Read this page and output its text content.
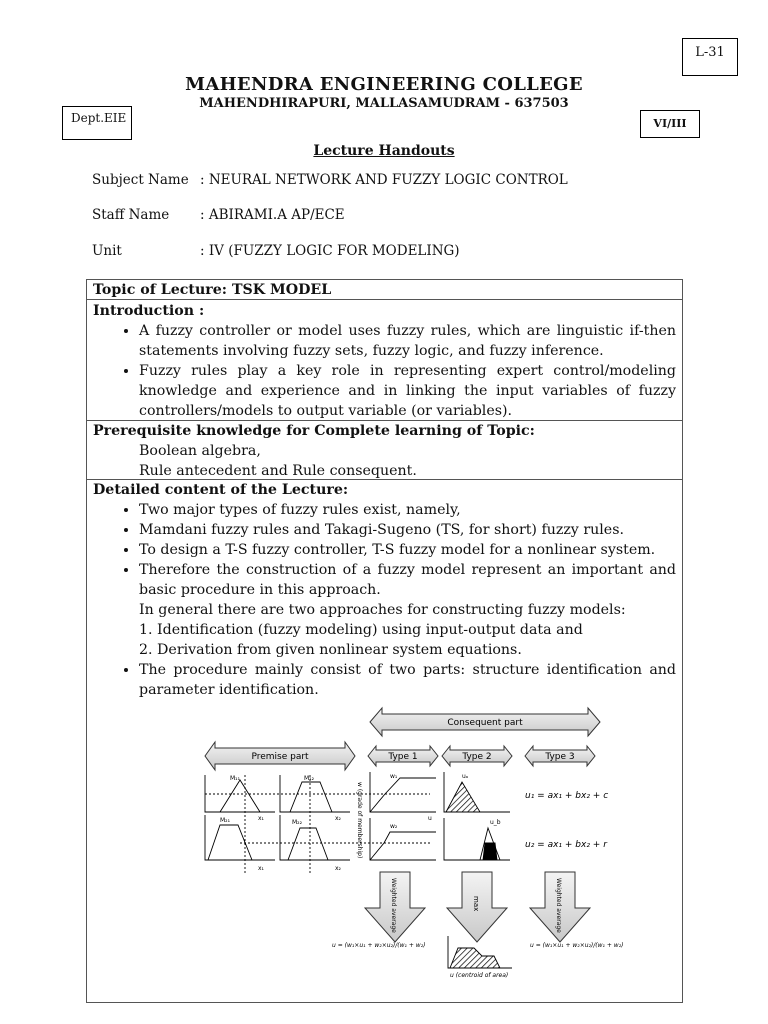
L-31
MAHENDRA ENGINEERING COLLEGE
MAHENDHIRAPURI, MALLASAMUDRAM - 637503
Dept.EIE	VI/III
Lecture Handouts
Subject Name : NEURAL NETWORK AND FUZZY LOGIC CONTROL
Staff Name : ABIRAMI.A AP/ECE
Unit	: IV (FUZZY LOGIC FOR MODELING)
Topic of Lecture: TSK MODEL
Introduction :
• A fuzzy controller or model uses fuzzy rules, which are linguistic if-then statements involving fuzzy sets, fuzzy logic, and fuzzy inference.
• Fuzzy rules play a key role in representing expert control/modeling knowledge and experience and in linking the input variables of fuzzy controllers/models to output variable (or variables).
Prerequisite knowledge for Complete learning of Topic:
Boolean algebra,
Rule antecedent and Rule consequent.
Detailed content of the Lecture:
• Two major types of fuzzy rules exist, namely,
• Mamdani fuzzy rules and Takagi-Sugeno (TS, for short) fuzzy rules.
• To design a T-S fuzzy controller, T-S fuzzy model for a nonlinear system.
• Therefore the construction of a fuzzy model represent an important and basic procedure in this approach.
In general there are two approaches for constructing fuzzy models:
1. Identification (fuzzy modeling) using input-output data and
2. Derivation from given nonlinear system equations.
• The procedure mainly consist of two parts: structure identification and parameter identification.
Consequent part
Premise part	Type 1	Type 2	Type 3
M₁₁	M₁₂
M₂₁	M₂₂
x₁	x₂
x₁	x₂
w (grade of membership)
w₁
w₂
u
uₐ
u_b
u₁ = ax₁ + bx₂ + c
u₂ = ax₁ + bx₂ + r
Weighted average	max	Weighted average
u = (w₁×u₁ + w₂×u₂)/(w₁ + w₂)
u (centroid of area)
u = (w₁×u₁ + w₂×u₂)/(w₁ + w₂)
